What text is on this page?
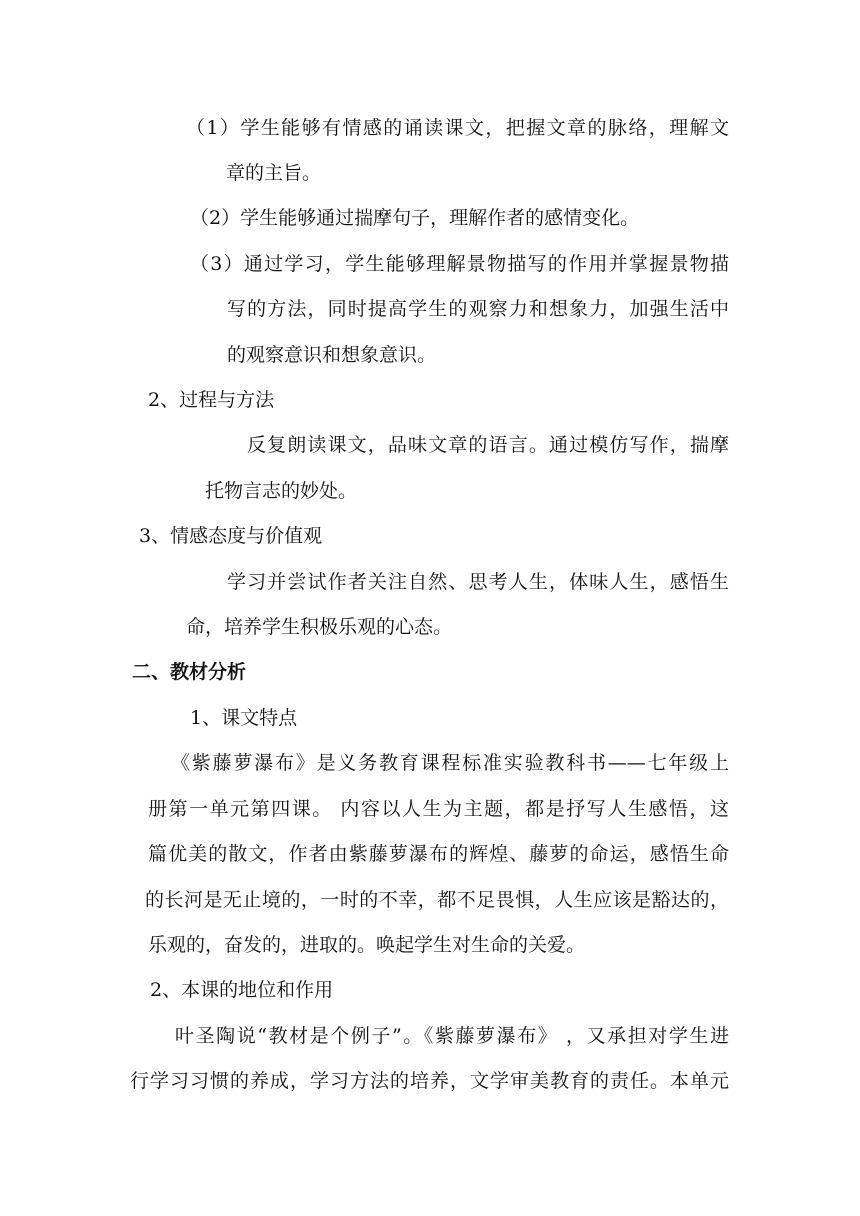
（1）学生能够有情感的诵读课文，把握文章的脉络，理解文

章的主旨。

（2）学生能够通过揣摩句子，理解作者的感情变化。

（3）通过学习，学生能够理解景物描写的作用并掌握景物描

写的方法，同时提高学生的观察力和想象力，加强生活中

的观察意识和想象意识。

2、过程与方法

反复朗读课文，品味文章的语言。通过模仿写作，揣摩

托物言志的妙处。

3、情感态度与价值观

学习并尝试作者关注自然、思考人生，体味人生，感悟生

命，培养学生积极乐观的心态。

二、教材分析

1、课文特点

《紫藤萝瀑布》是义务教育课程标准实验教科书——七年级上

册第一单元第四课。 内容以人生为主题，都是抒写人生感悟，这

篇优美的散文，作者由紫藤萝瀑布的辉煌、藤萝的命运，感悟生命

的长河是无止境的，一时的不幸，都不足畏惧，人生应该是豁达的，

乐观的，奋发的，进取的。唤起学生对生命的关爱。

2、本课的地位和作用

叶圣陶说“教材是个例子”。《紫藤萝瀑布》 ，又承担对学生进

行学习习惯的养成，学习方法的培养，文学审美教育的责任。本单元
